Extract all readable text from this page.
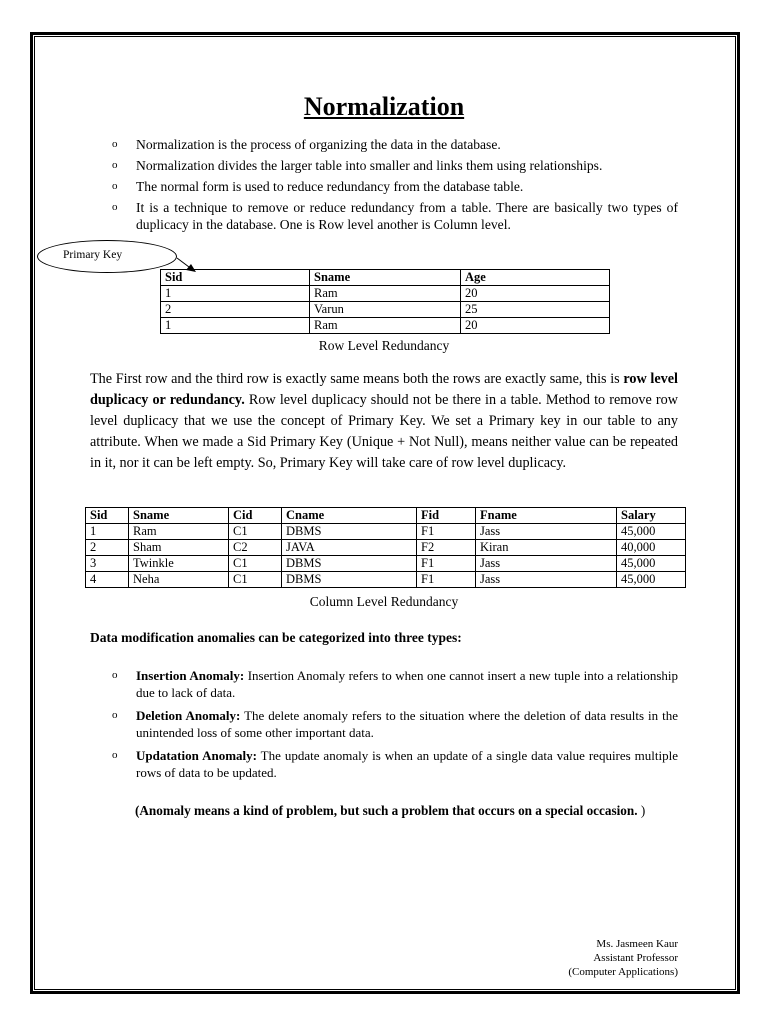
Normalization
o Normalization is the process of organizing the data in the database.
o Normalization divides the larger table into smaller and links them using relationships.
o The normal form is used to reduce redundancy from the database table.
o It is a technique to remove or reduce redundancy from a table. There are basically two types of duplicacy in the database. One is Row level another is Column level.
Primary Key
Sid	Sname	Age
1	Ram	20
2	Varun	25
1	Ram	20
Row Level Redundancy
The First row and the third row is exactly same means both the rows are exactly same, this is row level duplicacy or redundancy. Row level duplicacy should not be there in a table. Method to remove row level duplicacy that we use the concept of Primary Key. We set a Primary key in our table to any attribute. When we made a Sid Primary Key (Unique + Not Null), means neither value can be repeated in it, nor it can be left empty. So, Primary Key will take care of row level duplicacy.
Sid	Sname	Cid	Cname	Fid	Fname	Salary
1	Ram	C1	DBMS	F1	Jass	45,000
2	Sham	C2	JAVA	F2	Kiran	40,000
3	Twinkle	C1	DBMS	F1	Jass	45,000
4	Neha	C1	DBMS	F1	Jass	45,000
Column Level Redundancy
Data modification anomalies can be categorized into three types:
o Insertion Anomaly: Insertion Anomaly refers to when one cannot insert a new tuple into a relationship due to lack of data.
o Deletion Anomaly: The delete anomaly refers to the situation where the deletion of data results in the unintended loss of some other important data.
o Updatation Anomaly: The update anomaly is when an update of a single data value requires multiple rows of data to be updated.
(Anomaly means a kind of problem, but such a problem that occurs on a special occasion. )
Ms. Jasmeen Kaur
Assistant Professor
(Computer Applications)
